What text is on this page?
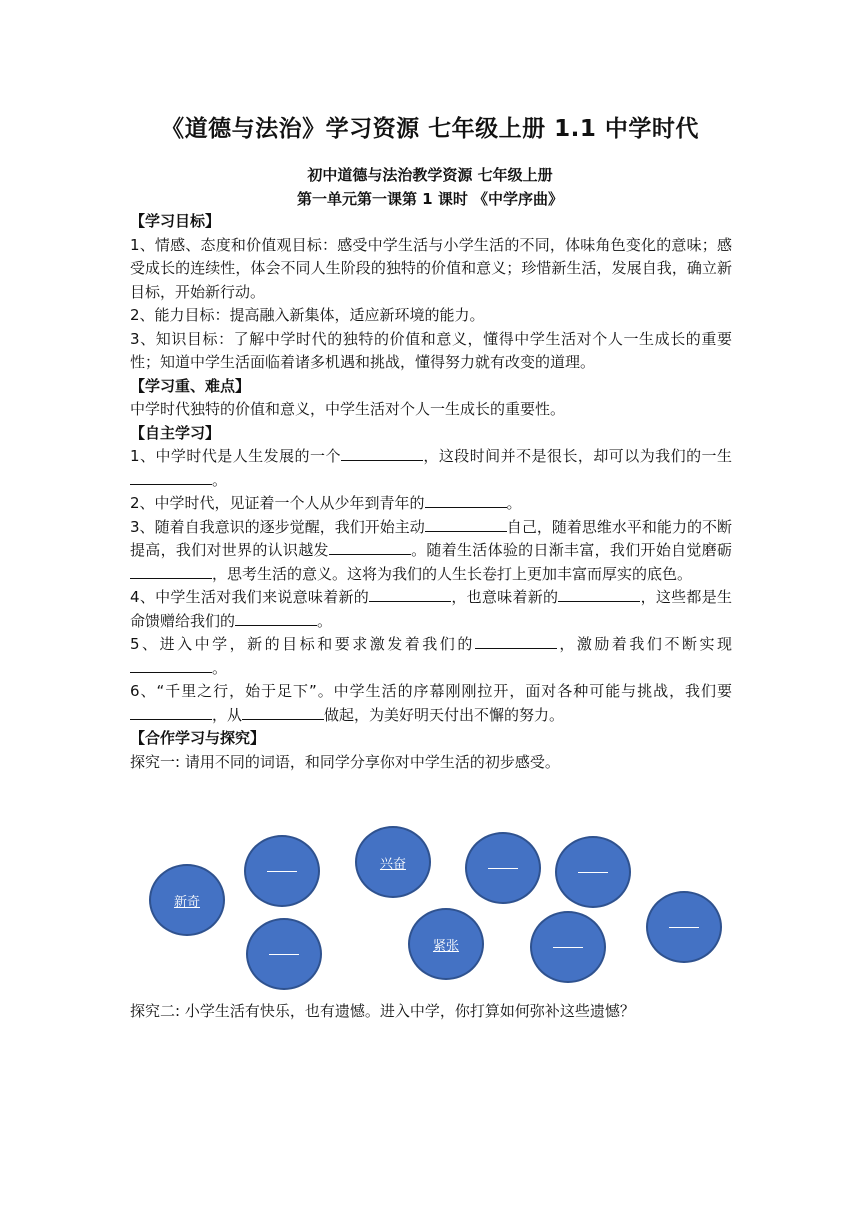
《道德与法治》学习资源 七年级上册 1.1 中学时代
初中道德与法治教学资源 七年级上册
第一单元第一课第 1 课时 《中学序曲》

【学习目标】

1、情感、态度和价值观目标：感受中学生活与小学生活的不同，体味角色变化的意味；感受成长的连续性，体会不同人生阶段的独特的价值和意义；珍惜新生活，发展自我，确立新目标，开始新行动。

2、能力目标：提高融入新集体，适应新环境的能力。

3、知识目标：了解中学时代的独特的价值和意义，懂得中学生活对个人一生成长的重要性；知道中学生活面临着诸多机遇和挑战，懂得努力就有改变的道理。

【学习重、难点】

中学时代独特的价值和意义，中学生活对个人一生成长的重要性。

【自主学习】

1、中学时代是人生发展的一个	，这段时间并不是很长，却可以为我们的一生。

2、中学时代，见证着一个人从少年到青年的	。

3、随着自我意识的逐步觉醒，我们开始主动	自己，随着思维水平和能力的不断提高，我们对世界的认识越发	。随着生活体验的日渐丰富，我们开始自觉磨砺，思考生活的意义。这将为我们的人生长卷打上更加丰富而厚实的底色。

4、中学生活对我们来说意味着新的	，也意味着新的	，这些都是生命馈赠给我们的	。

5、进入中学，新的目标和要求激发着我们的	，激励着我们不断实现。

6、“千里之行，始于足下”。中学生活的序幕刚刚拉开，面对各种可能与挑战，我们要，从	做起，为美好明天付出不懈的努力。

【合作学习与探究】

探究一: 请用不同的词语，和同学分享你对中学生活的初步感受。

新奇
兴奋
紧张
探究二: 小学生活有快乐，也有遗憾。进入中学，你打算如何弥补这些遗憾？
